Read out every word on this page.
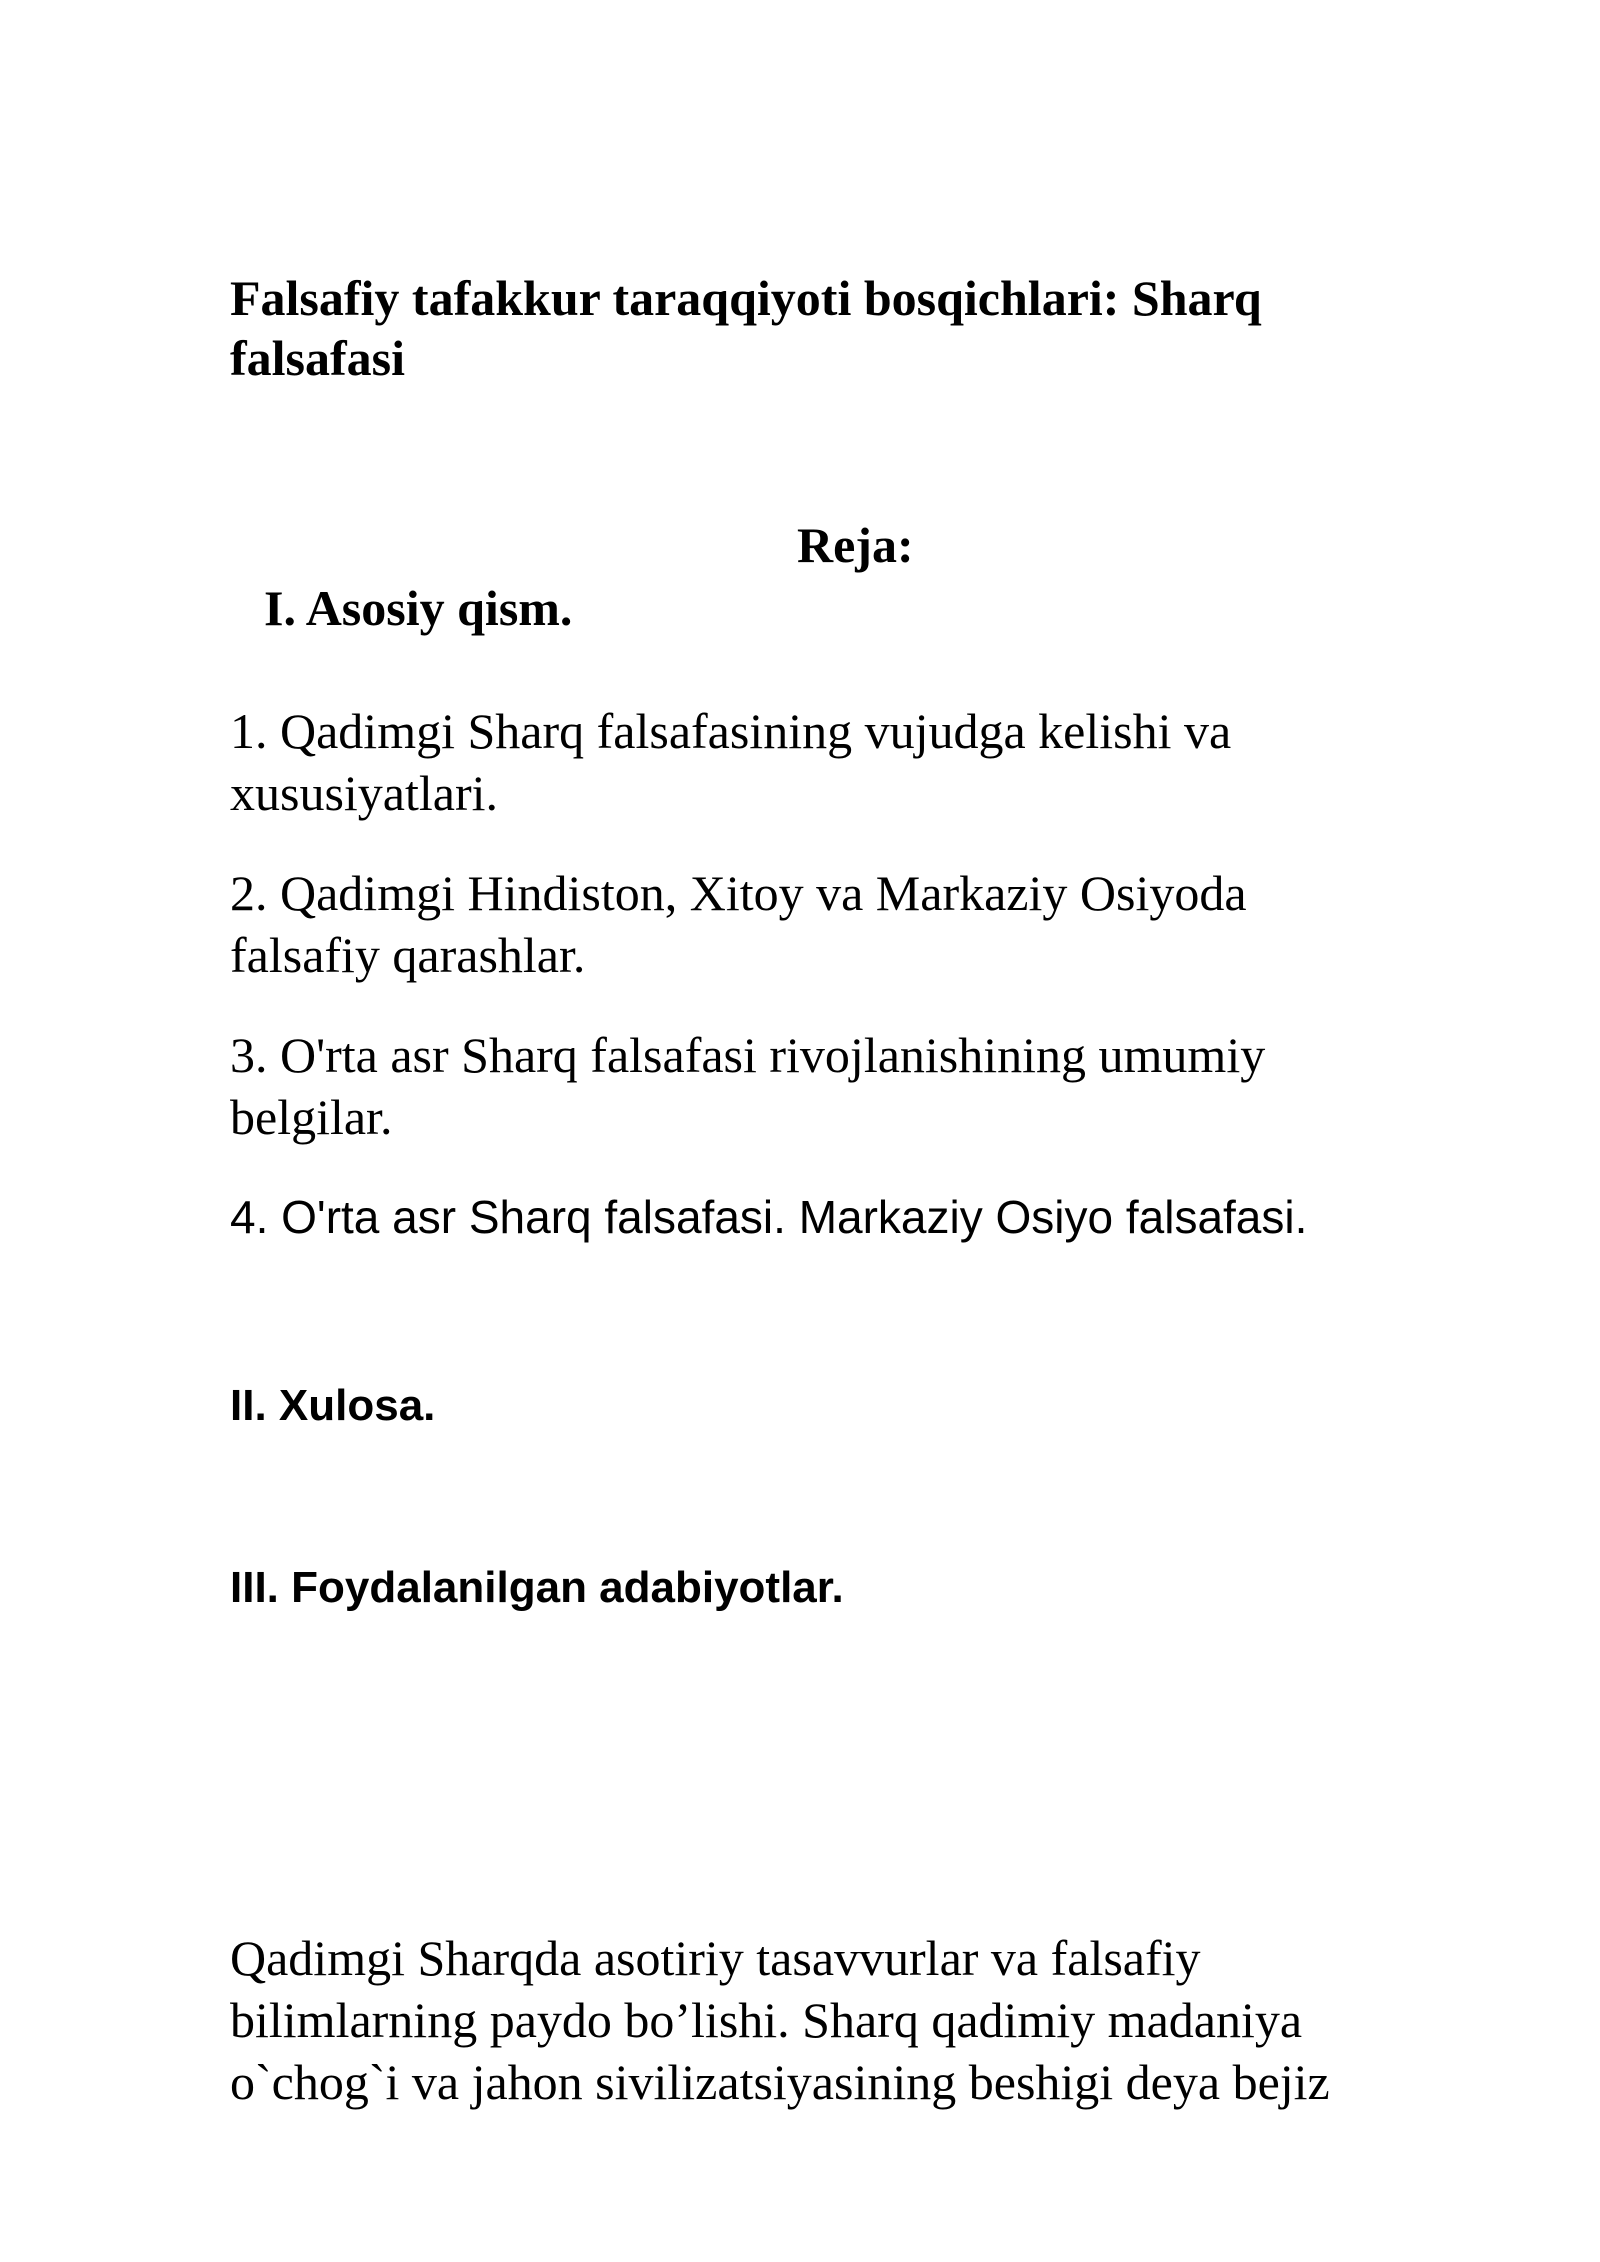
Falsafiy tafakkur taraqqiyoti bosqichlari: Sharq
falsafasi
Reja:
I. Asosiy qism.

1. Qadimgi Sharq falsafasining vujudga kelishi va
xususiyatlari.

2. Qadimgi Hindiston, Xitoy va Markaziy Osiyoda
falsafiy qarashlar.

3. O'rta asr Sharq falsafasi rivojlanishining umumiy
belgilar.

4. O'rta asr Sharq falsafasi. Markaziy Osiyo falsafasi.

II. Xulosa.
III. Foydalanilgan adabiyotlar.

Qadimgi Sharqda asotiriy tasavvurlar va falsafiy
bilimlarning paydo bo’lishi. Sharq qadimiy madaniya
o`chog`i va jahon sivilizatsiyasining beshigi deya bejiz
